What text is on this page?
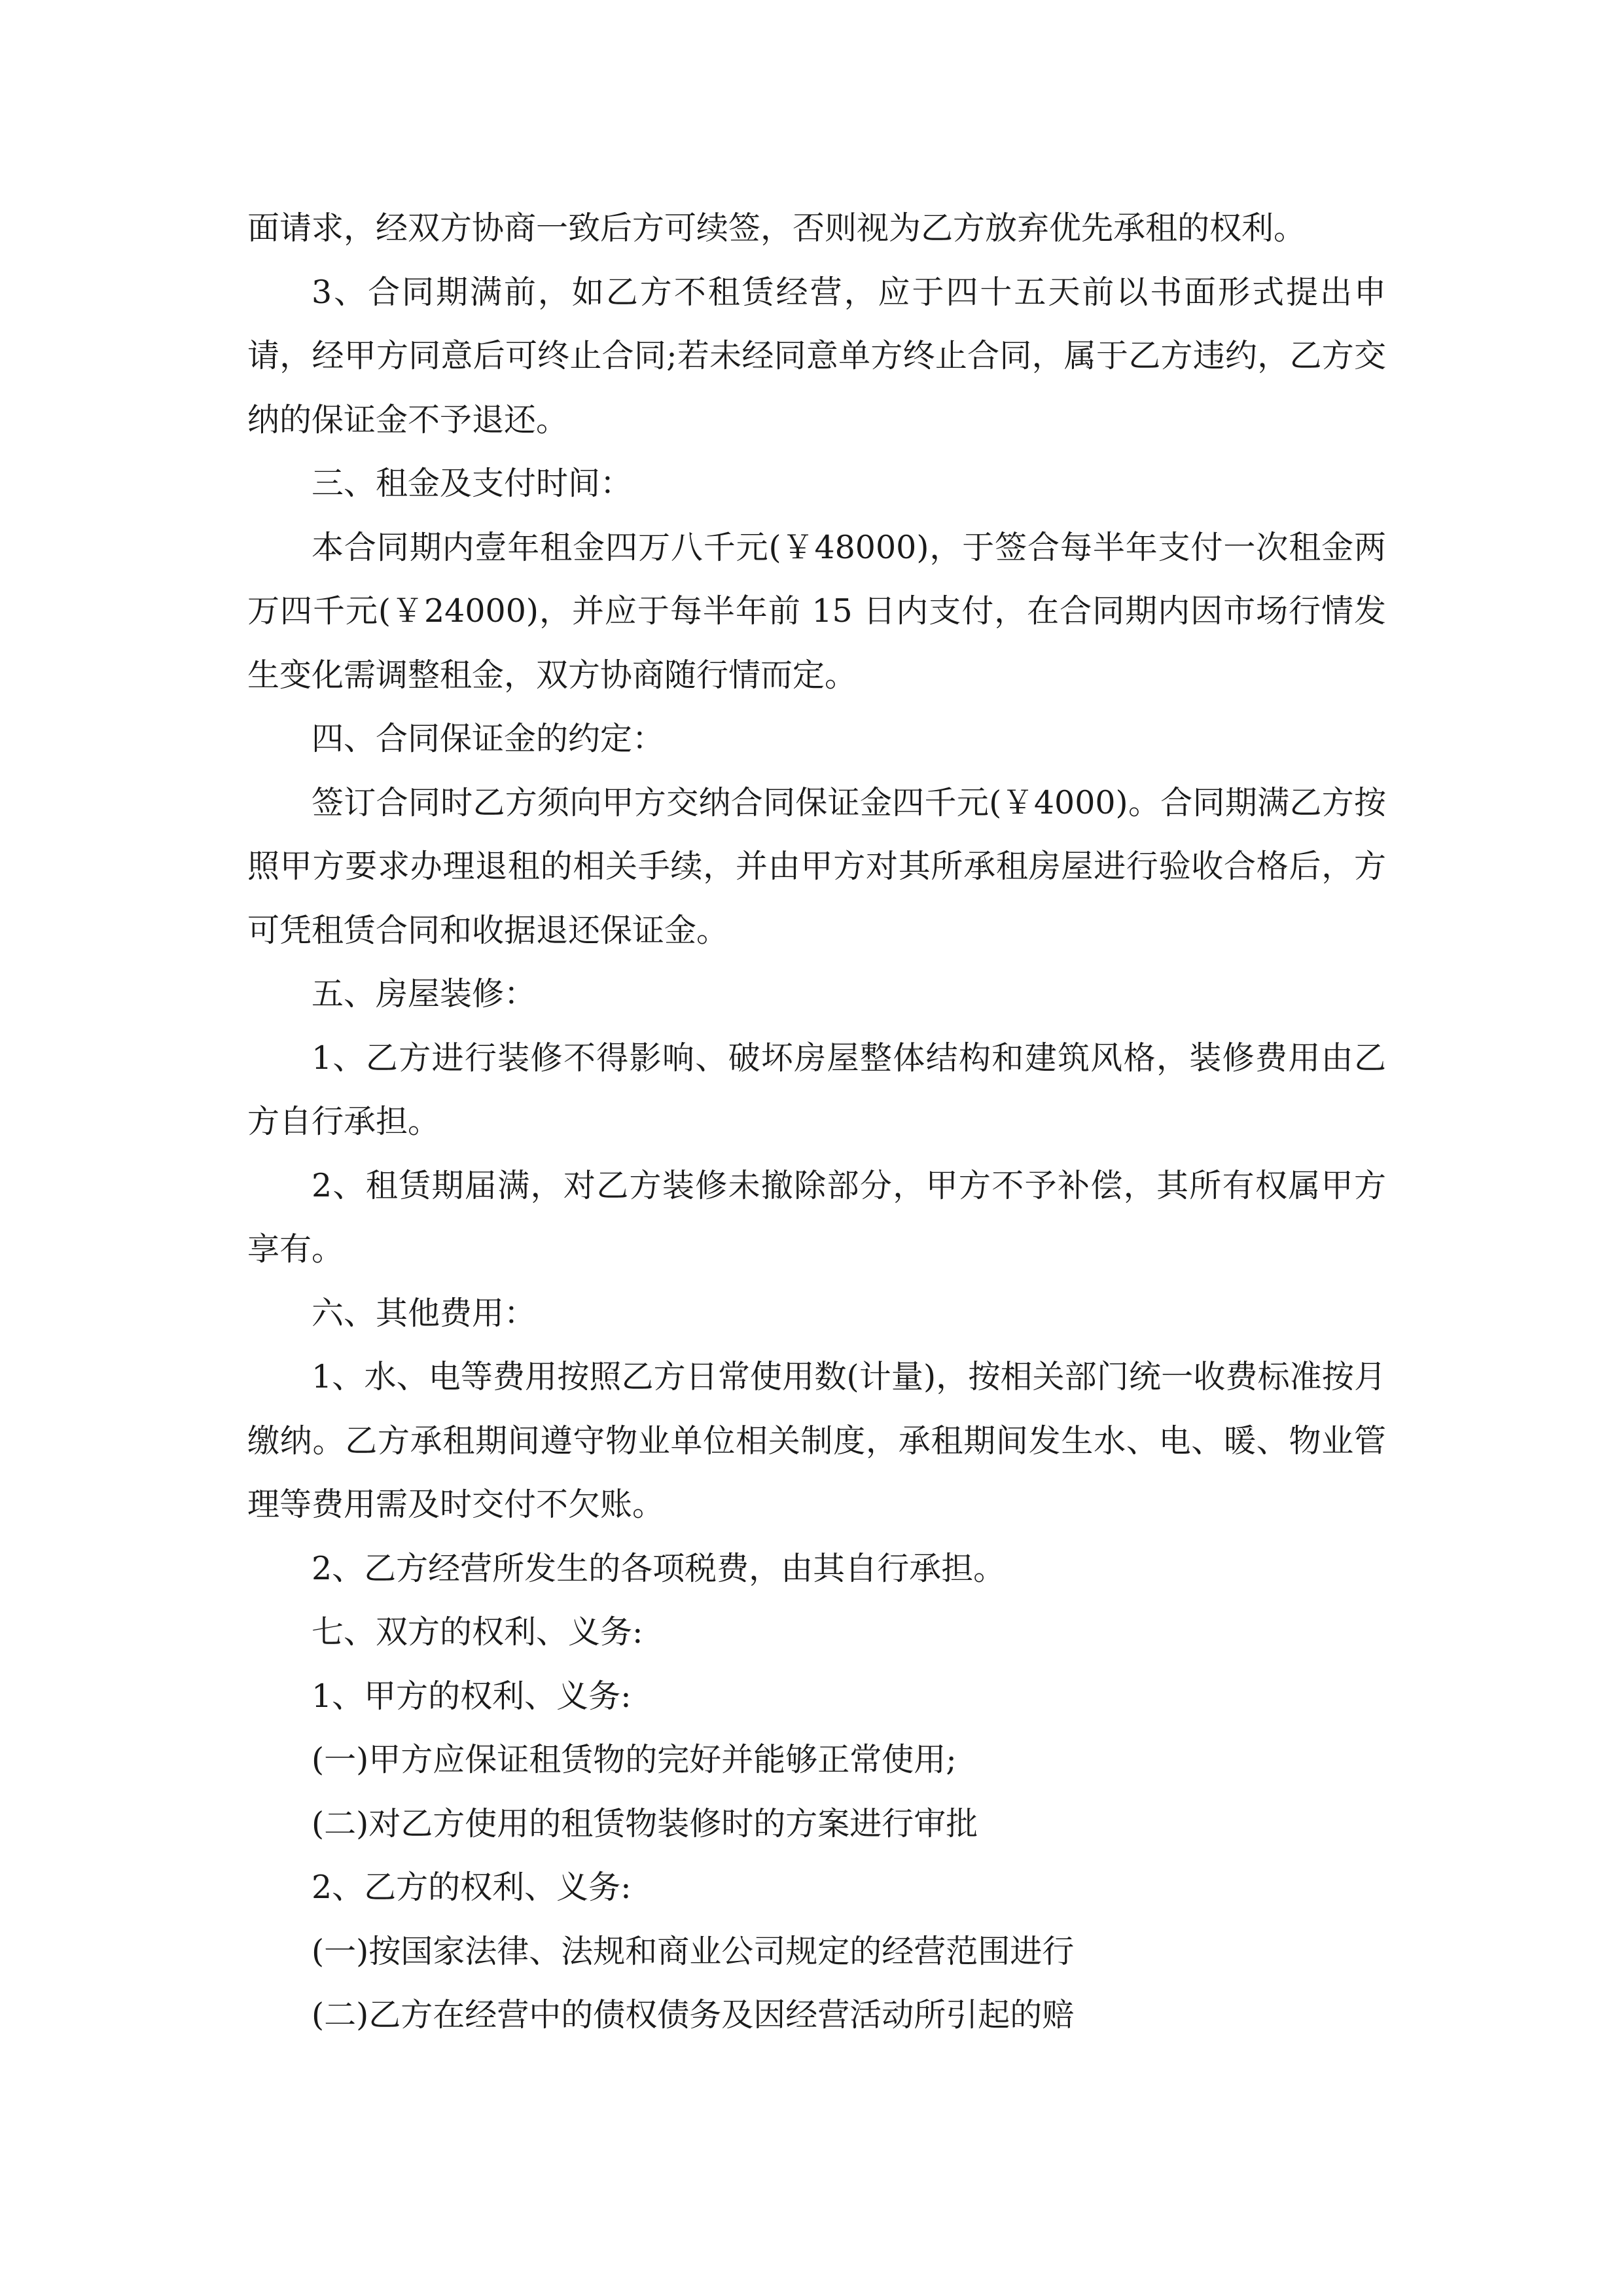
面请求，经双方协商一致后方可续签，否则视为乙方放弃优先承租的权利。

3、合同期满前，如乙方不租赁经营，应于四十五天前以书面形式提出申请，经甲方同意后可终止合同;若未经同意单方终止合同，属于乙方违约，乙方交纳的保证金不予退还。

三、租金及支付时间：

本合同期内壹年租金四万八千元(￥48000)，于签合每半年支付一次租金两万四千元(￥24000)，并应于每半年前 15 日内支付，在合同期内因市场行情发生变化需调整租金，双方协商随行情而定。

四、合同保证金的约定：

签订合同时乙方须向甲方交纳合同保证金四千元(￥4000)。合同期满乙方按照甲方要求办理退租的相关手续，并由甲方对其所承租房屋进行验收合格后，方可凭租赁合同和收据退还保证金。

五、房屋装修：

1、乙方进行装修不得影响、破坏房屋整体结构和建筑风格，装修费用由乙方自行承担。

2、租赁期届满，对乙方装修未撤除部分，甲方不予补偿，其所有权属甲方享有。

六、其他费用：

1、水、电等费用按照乙方日常使用数(计量)，按相关部门统一收费标准按月缴纳。乙方承租期间遵守物业单位相关制度，承租期间发生水、电、暖、物业管理等费用需及时交付不欠账。

2、乙方经营所发生的各项税费，由其自行承担。

七、双方的权利、义务:

1、甲方的权利、义务:

(一)甲方应保证租赁物的完好并能够正常使用;

(二)对乙方使用的租赁物装修时的方案进行审批

2、乙方的权利、义务:

(一)按国家法律、法规和商业公司规定的经营范围进行

(二)乙方在经营中的债权债务及因经营活动所引起的赔
